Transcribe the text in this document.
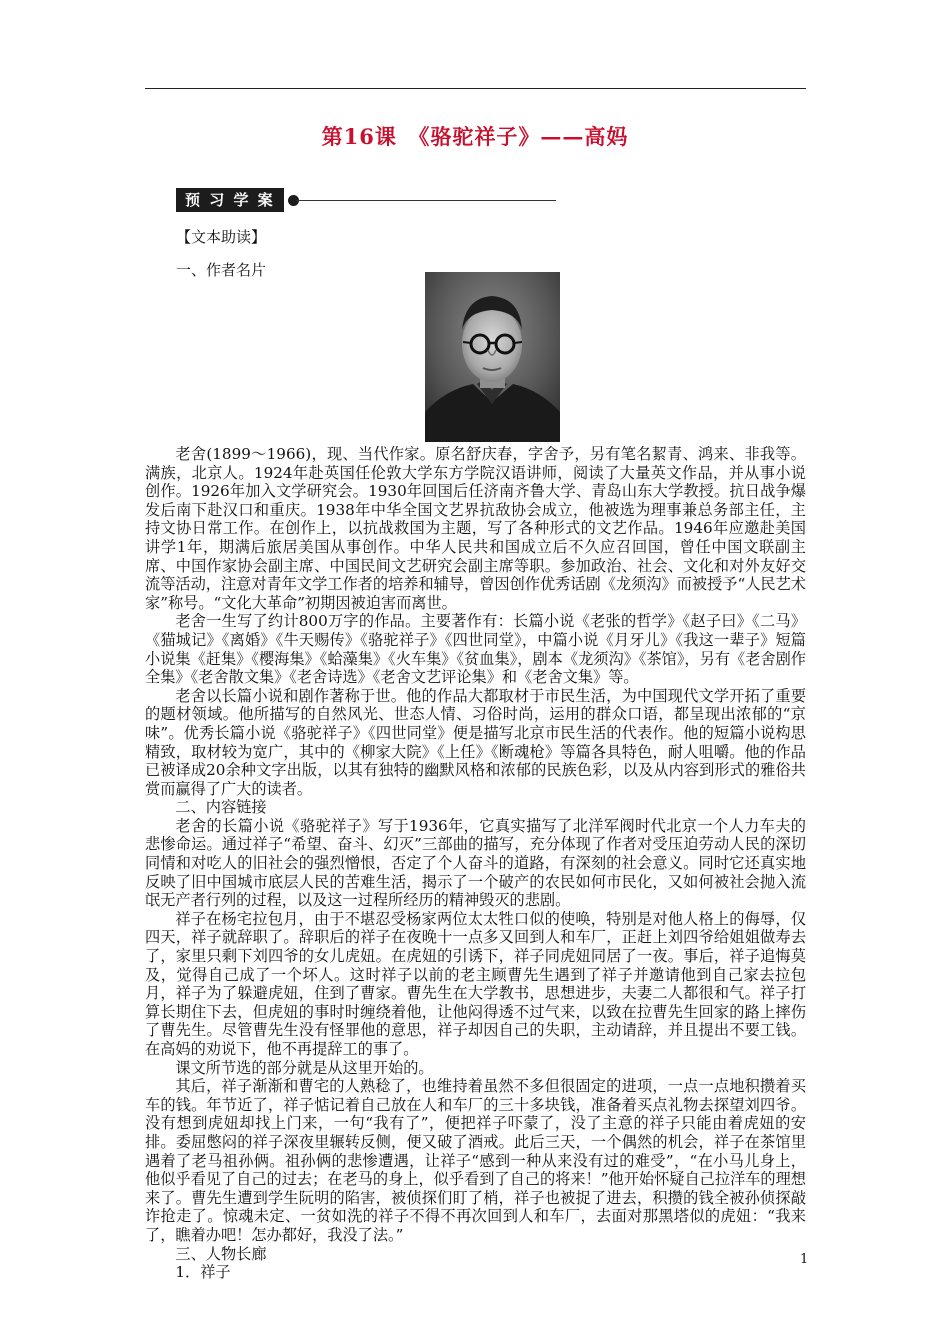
第16课　《骆驼祥子》——高妈
预 习 学 案
【文本助读】
一、作者名片

老舍(1899～1966)，现、当代作家。原名舒庆春，字舍予，另有笔名絜青、鸿来、非我等。满族，北京人。1924年赴英国任伦敦大学东方学院汉语讲师，阅读了大量英文作品，并从事小说创作。1926年加入文学研究会。1930年回国后任济南齐鲁大学、青岛山东大学教授。抗日战争爆发后南下赴汉口和重庆。1938年中华全国文艺界抗敌协会成立，他被选为理事兼总务部主任，主持文协日常工作。在创作上，以抗战救国为主题，写了各种形式的文艺作品。1946年应邀赴美国讲学1年，期满后旅居美国从事创作。中华人民共和国成立后不久应召回国，曾任中国文联副主席、中国作家协会副主席、中国民间文艺研究会副主席等职。参加政治、社会、文化和对外友好交流等活动，注意对青年文学工作者的培养和辅导，曾因创作优秀话剧《龙须沟》而被授予“人民艺术家”称号。“文化大革命”初期因被迫害而离世。

老舍一生写了约计800万字的作品。主要著作有：长篇小说《老张的哲学》《赵子曰》《二马》《猫城记》《离婚》《牛天赐传》《骆驼祥子》《四世同堂》，中篇小说《月牙儿》《我这一辈子》短篇小说集《赶集》《樱海集》《蛤藻集》《火车集》《贫血集》，剧本《龙须沟》《茶馆》，另有《老舍剧作全集》《老舍散文集》《老舍诗选》《老舍文艺评论集》和《老舍文集》等。

老舍以长篇小说和剧作著称于世。他的作品大都取材于市民生活，为中国现代文学开拓了重要的题材领域。他所描写的自然风光、世态人情、习俗时尚，运用的群众口语，都呈现出浓郁的“京味”。优秀长篇小说《骆驼祥子》《四世同堂》便是描写北京市民生活的代表作。他的短篇小说构思精致，取材较为宽广，其中的《柳家大院》《上任》《断魂枪》等篇各具特色，耐人咀嚼。他的作品已被译成20余种文字出版，以其有独特的幽默风格和浓郁的民族色彩，以及从内容到形式的雅俗共赏而赢得了广大的读者。

二、内容链接

老舍的长篇小说《骆驼祥子》写于1936年，它真实描写了北洋军阀时代北京一个人力车夫的悲惨命运。通过祥子“希望、奋斗、幻灭”三部曲的描写，充分体现了作者对受压迫劳动人民的深切同情和对吃人的旧社会的强烈憎恨，否定了个人奋斗的道路，有深刻的社会意义。同时它还真实地反映了旧中国城市底层人民的苦难生活，揭示了一个破产的农民如何市民化，又如何被社会抛入流氓无产者行列的过程，以及这一过程所经历的精神毁灭的悲剧。

祥子在杨宅拉包月，由于不堪忍受杨家两位太太牲口似的使唤，特别是对他人格上的侮辱，仅四天，祥子就辞职了。辞职后的祥子在夜晚十一点多又回到人和车厂，正赶上刘四爷给姐姐做寿去了，家里只剩下刘四爷的女儿虎妞。在虎妞的引诱下，祥子同虎妞同居了一夜。事后，祥子追悔莫及，觉得自己成了一个坏人。这时祥子以前的老主顾曹先生遇到了祥子并邀请他到自己家去拉包月，祥子为了躲避虎妞，住到了曹家。曹先生在大学教书，思想进步，夫妻二人都很和气。祥子打算长期住下去，但虎妞的事时时缠绕着他，让他闷得透不过气来，以致在拉曹先生回家的路上摔伤了曹先生。尽管曹先生没有怪罪他的意思，祥子却因自己的失职，主动请辞，并且提出不要工钱。在高妈的劝说下，他不再提辞工的事了。

课文所节选的部分就是从这里开始的。

其后，祥子渐渐和曹宅的人熟稔了，也维持着虽然不多但很固定的进项，一点一点地积攒着买车的钱。年节近了，祥子惦记着自己放在人和车厂的三十多块钱，准备着买点礼物去探望刘四爷。没有想到虎妞却找上门来，一句“我有了”，便把祥子吓蒙了，没了主意的祥子只能由着虎妞的安排。委屈憋闷的祥子深夜里辗转反侧，便又破了酒戒。此后三天，一个偶然的机会，祥子在茶馆里遇着了老马祖孙俩。祖孙俩的悲惨遭遇，让祥子“感到一种从来没有过的难受”，“在小马儿身上，他似乎看见了自己的过去；在老马的身上，似乎看到了自己的将来！”他开始怀疑自己拉洋车的理想来了。曹先生遭到学生阮明的陷害，被侦探们盯了梢，祥子也被捉了进去，积攒的钱全被孙侦探敲诈抢走了。惊魂未定、一贫如洗的祥子不得不再次回到人和车厂，去面对那黑塔似的虎妞：“我来了，瞧着办吧！怎办都好，我没了法。”

三、人物长廊

1．祥子

1
